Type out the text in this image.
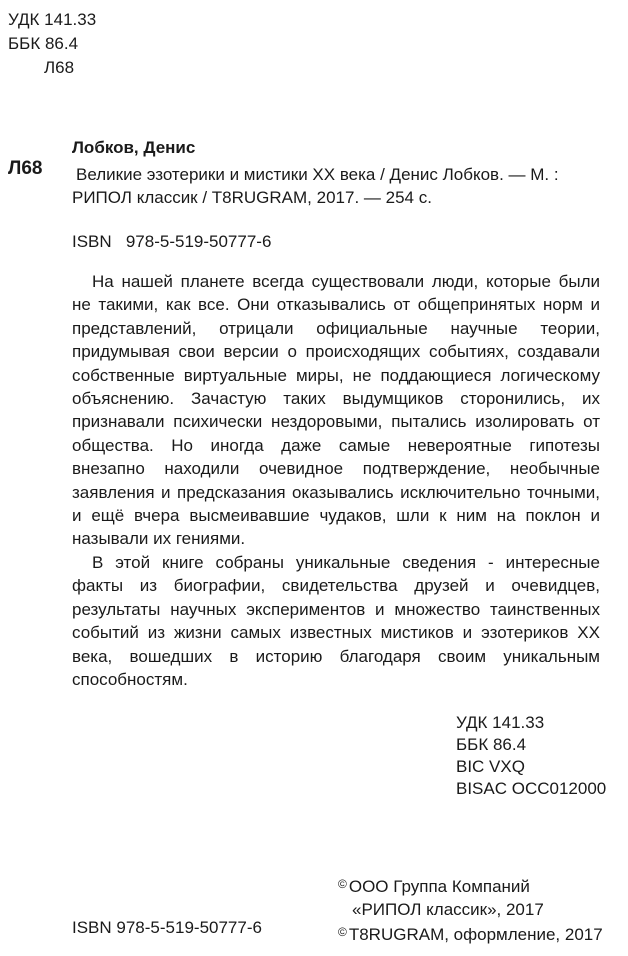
УДК 141.33
ББК 86.4
Л68
Л68
Лобков, Денис
Великие эзотерики и мистики XX века / Денис Лобков. — М. :
РИПОЛ классик / T8RUGRAM, 2017. — 254 с.
ISBN   978-5-519-50777-6

На нашей планете всегда существовали люди, которые были не такими, как все. Они отказывались от общепринятых норм и представлений, отрицали официальные научные теории, придумывая свои версии о происходящих событиях, создавали собственные виртуальные миры, не поддающиеся логическому объяснению. Зачастую таких выдумщиков сторонились, их признавали психически нездоровыми, пытались изолировать от общества. Но иногда даже самые невероятные гипотезы внезапно находили очевидное подтверждение, необычные заявления и предсказания оказывались исключительно точными, и ещё вчера высмеивавшие чудаков, шли к ним на поклон и называли их гениями.

В этой книге собраны уникальные сведения - интересные факты из биографии, свидетельства друзей и очевидцев, результаты научных экспериментов и множество таинственных событий из жизни самых известных мистиков и эзотериков XX века, вошедших в историю благодаря своим уникальным способностям.

УДК 141.33
ББК 86.4
BIC VXQ
BISAC OCC012000
© ООО Группа Компаний
«РИПОЛ классик», 2017
© T8RUGRAM, оформление, 2017
ISBN 978-5-519-50777-6
